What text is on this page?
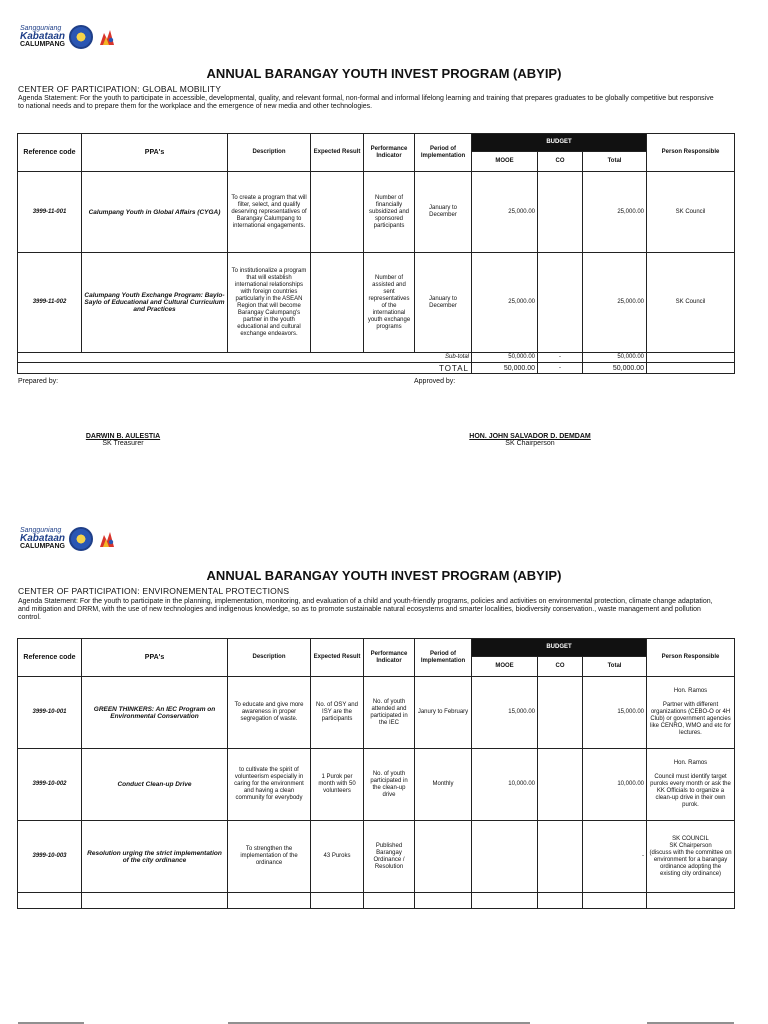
Sangguniang
Kabataan
CALUMPANG
ANNUAL BARANGAY YOUTH INVEST PROGRAM (ABYIP)
CENTER OF PARTICIPATION: GLOBAL MOBILITY
Agenda Statement: For the youth to participate in accessible, developmental, quality, and relevant formal, non-formal and informal lifelong learning and training that prepares graduates to be globally competitive but responsive to national needs and to prepare them for the workplace and the emergence of new media and other technologies.
Reference code	PPA's	Description	Expected Result	Performance Indicator	Period of Implementation	BUDGET			Person Responsible
						MOOE	CO	Total	
3999-11-001	Calumpang Youth in Global Affairs (CYGA)	To create a program that will filter, select, and qualify deserving representatives of Barangay Calumpang to international engagements.		Number of financially subsidized and sponsored participants	January to December	25,000.00		25,000.00	SK Council
3999-11-002	Calumpang Youth Exchange Program: Baylo-Saylo of Educational and Cultural Curriculum and Practices	To institutionalize a program that will establish international relationships with foreign countries particularly in the ASEAN Region that will become Barangay Calumpang's partner in the youth educational and cultural exchange endeavors.		Number of assisted and sent representatives of the international youth exchange programs	January to December	25,000.00		25,000.00	SK Council
Sub-total						50,000.00	-	50,000.00	
TOTAL						50,000.00	-	50,000.00	
Prepared by:	Approved by:
DARWIN B. AULESTIA
SK Treasurer
HON. JOHN SALVADOR D. DEMDAM
SK Chairperson
Sangguniang
Kabataan
CALUMPANG
ANNUAL BARANGAY YOUTH INVEST PROGRAM (ABYIP)
CENTER OF PARTICIPATION: ENVIRONEMENTAL PROTECTIONS
Agenda Statement: For the youth to participate in the planning, implementation, monitoring, and evaluation of a child and youth-friendly programs, policies and activities on environmental protection, climate change adaptation, and mitigation and DRRM, with the use of new technologies and indigenous knowledge, so as to promote sustainable natural ecosystems and smarter localities, biodiversity conservation., waste management and pollution control.
Reference code	PPA's	Description	Expected Result	Performance Indicator	Period of Implementation	BUDGET			Person Responsible
						MOOE	CO	Total	
3999-10-001	GREEN THINKERS: An IEC Program on Environmental Conservation	To educate and give more awareness in proper segregation of waste.	No. of OSY and ISY are the participants	No. of youth attended and participated in the IEC	Janury to February	15,000.00		15,000.00	Hon. Ramos

Partner with different organizations (CEBO-O or 4H Club) or government agencies like CENRO, WMO and etc for lectures.
3999-10-002	Conduct Clean-up Drive	to cultivate the spirit of volunteerism especially in caring for the environment and having a clean community for everybody	1 Purok per month with 50 volunteers	No. of youth participated in the clean-up drive	Monthly	10,000.00		10,000.00	Hon. Ramos

Council must identify target puroks every month or ask the KK Officials to organize a clean-up drive in their own purok.
3999-10-003	Resolution urging the strict implementation of the city ordinance	To strengthen the implementation of the ordinance	43 Puroks	Published Barangay Ordinance / Resolution				-	SK COUNCIL
SK Chairperson
(discuss with the committee on environment for a barangay ordinance adopting the existing city ordinance)
